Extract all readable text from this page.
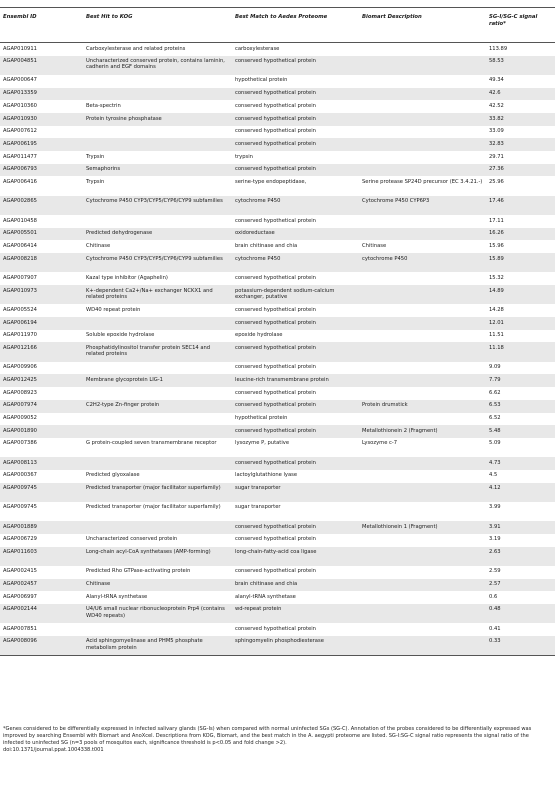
Ensembl ID	Best Hit to KOG	Best Match to Aedes Proteome	Biomart Description	SG-I/SG-C signal ratio*
AGAP010911	Carboxylesterase and related proteins	carboxylesterase		113.89
AGAP004851	Uncharacterized conserved protein, contains laminin, cadherin and EGF domains	conserved hypothetical protein		58.53
AGAP000647		hypothetical protein		49.34
AGAP013359		conserved hypothetical protein		42.6
AGAP010360	Beta-spectrin	conserved hypothetical protein		42.52
AGAP010930	Protein tyrosine phosphatase	conserved hypothetical protein		33.82
AGAP007612		conserved hypothetical protein		33.09
AGAP006195		conserved hypothetical protein		32.83
AGAP011477	Trypsin	trypsin		29.71
AGAP006793	Semaphorins	conserved hypothetical protein		27.36
AGAP006416	Trypsin	serine-type endopeptidase,	Serine protease SP24D precursor (EC 3.4.21.-)	25.96
AGAP002865	Cytochrome P450 CYP3/CYP5/CYP6/CYP9 subfamilies	cytochrome P450	Cytochrome P450 CYP6P3	17.46
AGAP010458		conserved hypothetical protein		17.11
AGAP005501	Predicted dehydrogenase	oxidoreductase		16.26
AGAP006414	Chitinase	brain chitinase and chia	Chitinase	15.96
AGAP008218	Cytochrome P450 CYP3/CYP5/CYP6/CYP9 subfamilies	cytochrome P450	cytochrome P450	15.89
AGAP007907	Kazal type inhibitor (Agaphelin)	conserved hypothetical protein		15.32
AGAP010973	K+-dependent Ca2+/Na+ exchanger NCKX1 and related proteins	potassium-dependent sodium-calcium exchanger, putative		14.89
AGAP005524	WD40 repeat protein	conserved hypothetical protein		14.28
AGAP006194		conserved hypothetical protein		12.01
AGAP011970	Soluble epoxide hydrolase	epoxide hydrolase		11.51
AGAP012166	Phosphatidylinositol transfer protein SEC14 and related proteins	conserved hypothetical protein		11.18
AGAP009906		conserved hypothetical protein		9.09
AGAP012425	Membrane glycoprotein LIG-1	leucine-rich transmembrane protein		7.79
AGAP008923		conserved hypothetical protein		6.62
AGAP007974	C2H2-type Zn-finger protein	conserved hypothetical protein	Protein drumstick	6.53
AGAP009052		hypothetical protein		6.52
AGAP001890		conserved hypothetical protein	Metallothionein 2 (Fragment)	5.48
AGAP007386	G protein-coupled seven transmembrane receptor	lysozyme P, putative	Lysozyme c-7	5.09
AGAP008113		conserved hypothetical protein		4.73
AGAP000367	Predicted glyoxalase	lactoylglutathione lyase		4.5
AGAP009745	Predicted transporter (major facilitator superfamily)	sugar transporter		4.12
AGAP009745	Predicted transporter (major facilitator superfamily)	sugar transporter		3.99
AGAP001889		conserved hypothetical protein	Metallothionein 1 (Fragment)	3.91
AGAP006729	Uncharacterized conserved protein	conserved hypothetical protein		3.19
AGAP011603	Long-chain acyl-CoA synthetases (AMP-forming)	long-chain-fatty-acid coa ligase		2.63
AGAP002415	Predicted Rho GTPase-activating protein	conserved hypothetical protein		2.59
AGAP002457	Chitinase	brain chitinase and chia		2.57
AGAP006997	Alanyl-tRNA synthetase	alanyl-tRNA synthetase		0.6
AGAP002144	U4/U6 small nuclear ribonucleoprotein Prp4 (contains WD40 repeats)	wd-repeat protein		0.48
AGAP007851		conserved hypothetical protein		0.41
AGAP008096	Acid sphingomyelinase and PHM5 phosphate metabolism protein	sphingomyelin phosphodiesterase		0.33

*Genes considered to be differentially expressed in infected salivary glands (SG-Is) when compared with normal uninfected SGs (SG-C). Annotation of the probes considered to be differentially expressed was improved by searching Ensembl with Biomart and AnoXcel. Descriptions from KOG, Biomart, and the best match in the A. aegypti proteome are listed. SG-I:SG-C signal ratio represents the signal ratio of the infected to uninfected SG (n=3 pools of mosquitos each, significance threshold is p<0.05 and fold change >2).

doi:10.1371/journal.ppat.1004338.t001
